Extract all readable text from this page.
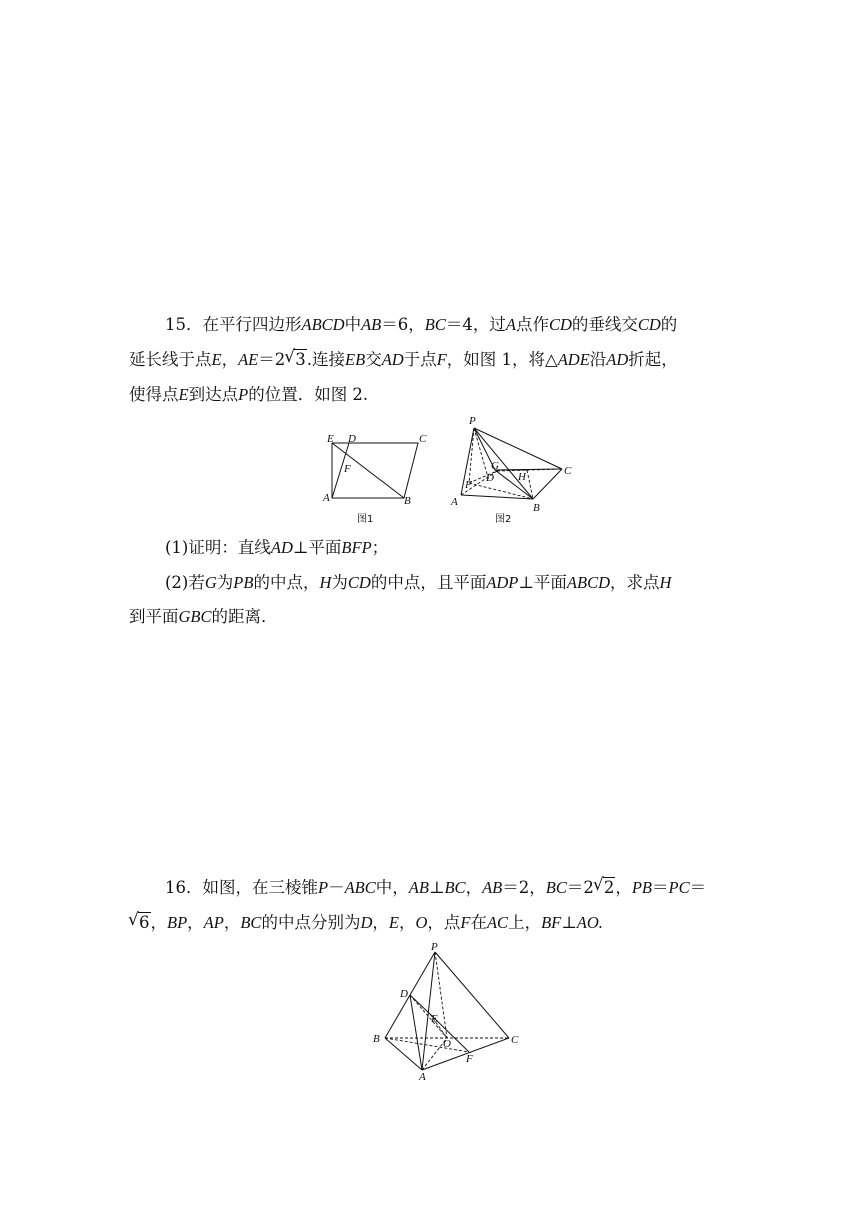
15．在平行四边形ABCD中AB＝6，BC＝4，过A点作CD的垂线交CD的
延长线于点E，AE＝2 √ 3.连接EB交AD于点F，如图 1，将△ADE沿AD折起，
使得点E到达点P的位置．如图 2.
E D	C
F
A	B
图1
P
G
D H	C
F
A	B
图2
(1)证明：直线AD⊥平面BFP；
(2)若G为PB的中点，H为CD的中点，且平面ADP⊥平面ABCD，求点H
到平面GBC的距离．
16．如图，在三棱锥P－ABC中，AB⊥BC，AB＝2，BC＝2 √ 2，PB＝PC＝
√ 6，BP，AP，BC的中点分别为D，E，O，点F在AC上，BF⊥AO.
P
D
E
B	O	C
F
A
